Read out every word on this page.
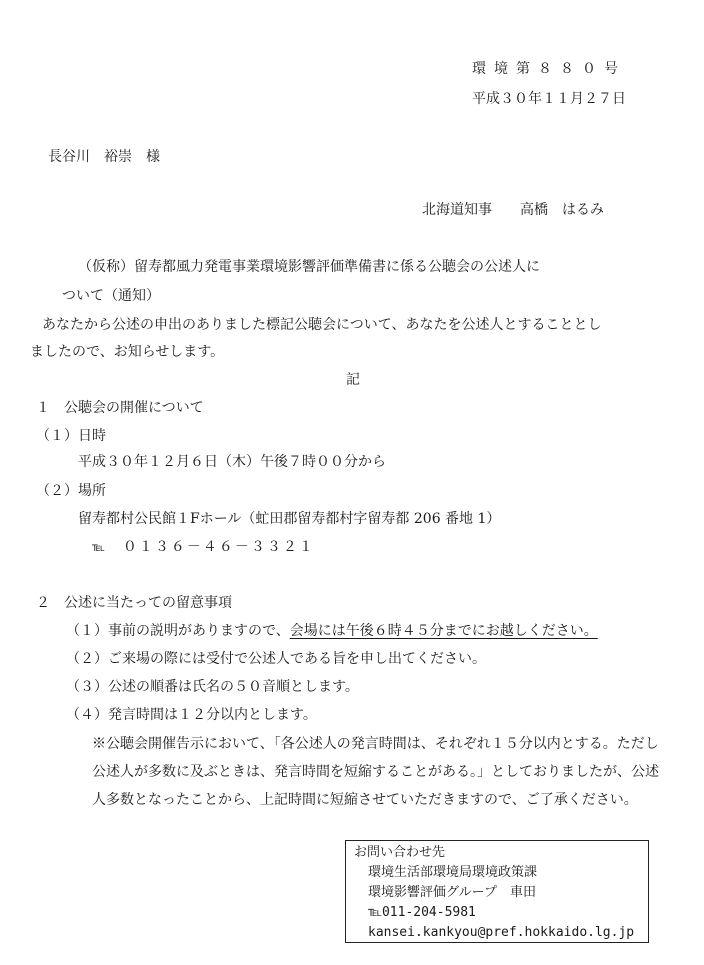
環境第８８０号
平成３０年１１月２７日
長谷川　裕崇　様
北海道知事　　高橋　はるみ
（仮称）留寿都風力発電事業環境影響評価準備書に係る公聴会の公述人に
ついて（通知）
あなたから公述の申出のありました標記公聴会について、あなたを公述人とすることとし
ましたので、お知らせします。
記
１　公聴会の開催について
（１）日時
平成３０年１２月６日（木）午後７時００分から
（２）場所
留寿都村公民館１Fホール（虻田郡留寿都村字留寿都 206 番地 1）
℡ ０１３６－４６－３３２１
２　公述に当たっての留意事項
（１）事前の説明がありますので、会場には午後６時４５分までにお越しください。
（２）ご来場の際には受付で公述人である旨を申し出てください。
（３）公述の順番は氏名の５０音順とします。
（４）発言時間は１２分以内とします。
※公聴会開催告示において、「各公述人の発言時間は、それぞれ１５分以内とする。ただし
公述人が多数に及ぶときは、発言時間を短縮することがある。」としておりましたが、公述
人多数となったことから、上記時間に短縮させていただきますので、ご了承ください。
お問い合わせ先
環境生活部環境局環境政策課
環境影響評価グループ　車田
℡011-204-5981
kansei.kankyou@pref.hokkaido.lg.jp
